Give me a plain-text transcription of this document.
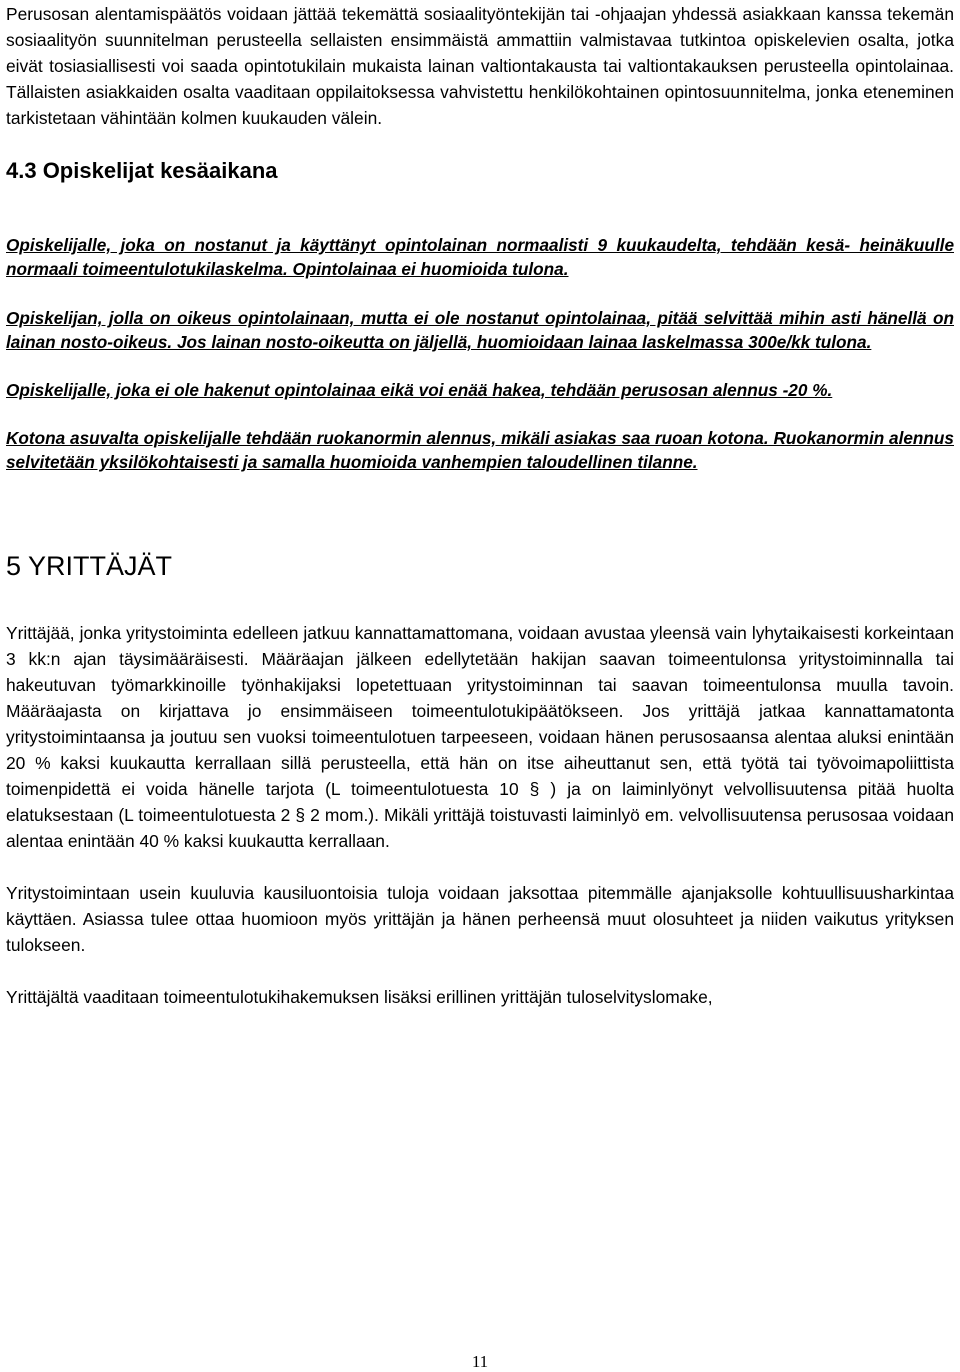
Perusosan alentamispäätös voidaan jättää tekemättä sosiaalityöntekijän tai -ohjaajan yhdessä asiakkaan kanssa tekemän sosiaalityön suunnitelman perusteella sellaisten ensimmäistä ammattiin valmistavaa tutkintoa opiskelevien osalta, jotka eivät tosiasiallisesti voi saada opintotukilain mukaista lainan valtiontakausta tai valtiontakauksen perusteella opintolainaa. Tällaisten asiakkaiden osalta vaaditaan oppilaitoksessa vahvistettu henkilökohtainen opintosuunnitelma, jonka eteneminen tarkistetaan vähintään kolmen kuukauden välein.

4.3 Opiskelijat kesäaikana

Opiskelijalle, joka on nostanut ja käyttänyt opintolainan normaalisti 9 kuukaudelta, tehdään kesä- heinäkuulle normaali toimeentulotukilaskelma. Opintolainaa ei huomioida tulona.

Opiskelijan, jolla on oikeus opintolainaan, mutta ei ole nostanut opintolainaa, pitää selvittää mihin asti hänellä on lainan nosto-oikeus. Jos lainan nosto-oikeutta on jäljellä, huomioidaan lainaa laskelmassa 300e/kk tulona.

Opiskelijalle, joka ei ole hakenut opintolainaa eikä voi enää hakea, tehdään perusosan alennus -20 %.

Kotona asuvalta opiskelijalle tehdään ruokanormin alennus, mikäli asiakas saa ruoan kotona. Ruokanormin alennus selvitetään yksilökohtaisesti ja samalla huomioida vanhempien taloudellinen tilanne.

5 YRITTÄJÄT

Yrittäjää, jonka yritystoiminta edelleen jatkuu kannattamattomana, voidaan avustaa yleensä vain lyhytaikaisesti korkeintaan 3 kk:n ajan täysimääräisesti. Määräajan jälkeen edellytetään hakijan saavan toimeentulonsa yritystoiminnalla tai hakeutuvan työmarkkinoille työnhakijaksi lopetettuaan yritystoiminnan tai saavan toimeentulonsa muulla tavoin. Määräajasta on kirjattava jo ensimmäiseen toimeentulotukipäätökseen. Jos yrittäjä jatkaa kannattamatonta yritystoimintaansa ja joutuu sen vuoksi toimeentulotuen tarpeeseen, voidaan hänen perusosaansa alentaa aluksi enintään 20 % kaksi kuukautta kerrallaan sillä perusteella, että hän on itse aiheuttanut sen, että työtä tai työvoimapoliittista toimenpidettä ei voida hänelle tarjota (L toimeentulotuesta 10 § ) ja on laiminlyönyt velvollisuutensa pitää huolta elatuksestaan (L toimeentulotuesta 2 § 2 mom.). Mikäli yrittäjä toistuvasti laiminlyö em. velvollisuutensa perusosaa voidaan alentaa enintään 40 % kaksi kuukautta kerrallaan.

Yritystoimintaan usein kuuluvia kausiluontoisia tuloja voidaan jaksottaa pitemmälle ajanjaksolle kohtuullisuusharkintaa käyttäen. Asiassa tulee ottaa huomioon myös yrittäjän ja hänen perheensä muut olosuhteet ja niiden vaikutus yrityksen tulokseen.

Yrittäjältä vaaditaan toimeentulotukihakemuksen lisäksi erillinen yrittäjän tuloselvityslomake,

11
